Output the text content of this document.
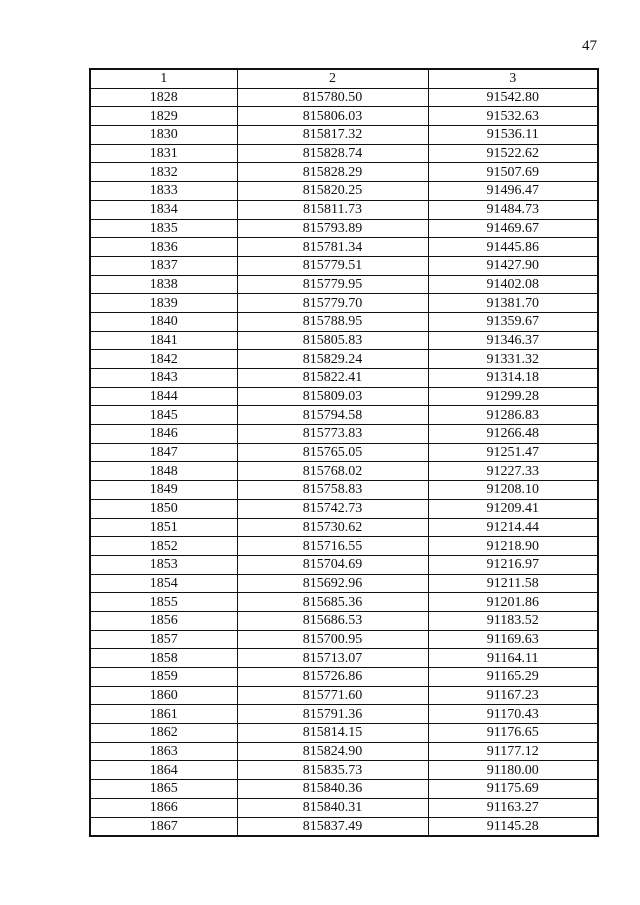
47
1	2	3
1828	815780.50	91542.80
1829	815806.03	91532.63
1830	815817.32	91536.11
1831	815828.74	91522.62
1832	815828.29	91507.69
1833	815820.25	91496.47
1834	815811.73	91484.73
1835	815793.89	91469.67
1836	815781.34	91445.86
1837	815779.51	91427.90
1838	815779.95	91402.08
1839	815779.70	91381.70
1840	815788.95	91359.67
1841	815805.83	91346.37
1842	815829.24	91331.32
1843	815822.41	91314.18
1844	815809.03	91299.28
1845	815794.58	91286.83
1846	815773.83	91266.48
1847	815765.05	91251.47
1848	815768.02	91227.33
1849	815758.83	91208.10
1850	815742.73	91209.41
1851	815730.62	91214.44
1852	815716.55	91218.90
1853	815704.69	91216.97
1854	815692.96	91211.58
1855	815685.36	91201.86
1856	815686.53	91183.52
1857	815700.95	91169.63
1858	815713.07	91164.11
1859	815726.86	91165.29
1860	815771.60	91167.23
1861	815791.36	91170.43
1862	815814.15	91176.65
1863	815824.90	91177.12
1864	815835.73	91180.00
1865	815840.36	91175.69
1866	815840.31	91163.27
1867	815837.49	91145.28
